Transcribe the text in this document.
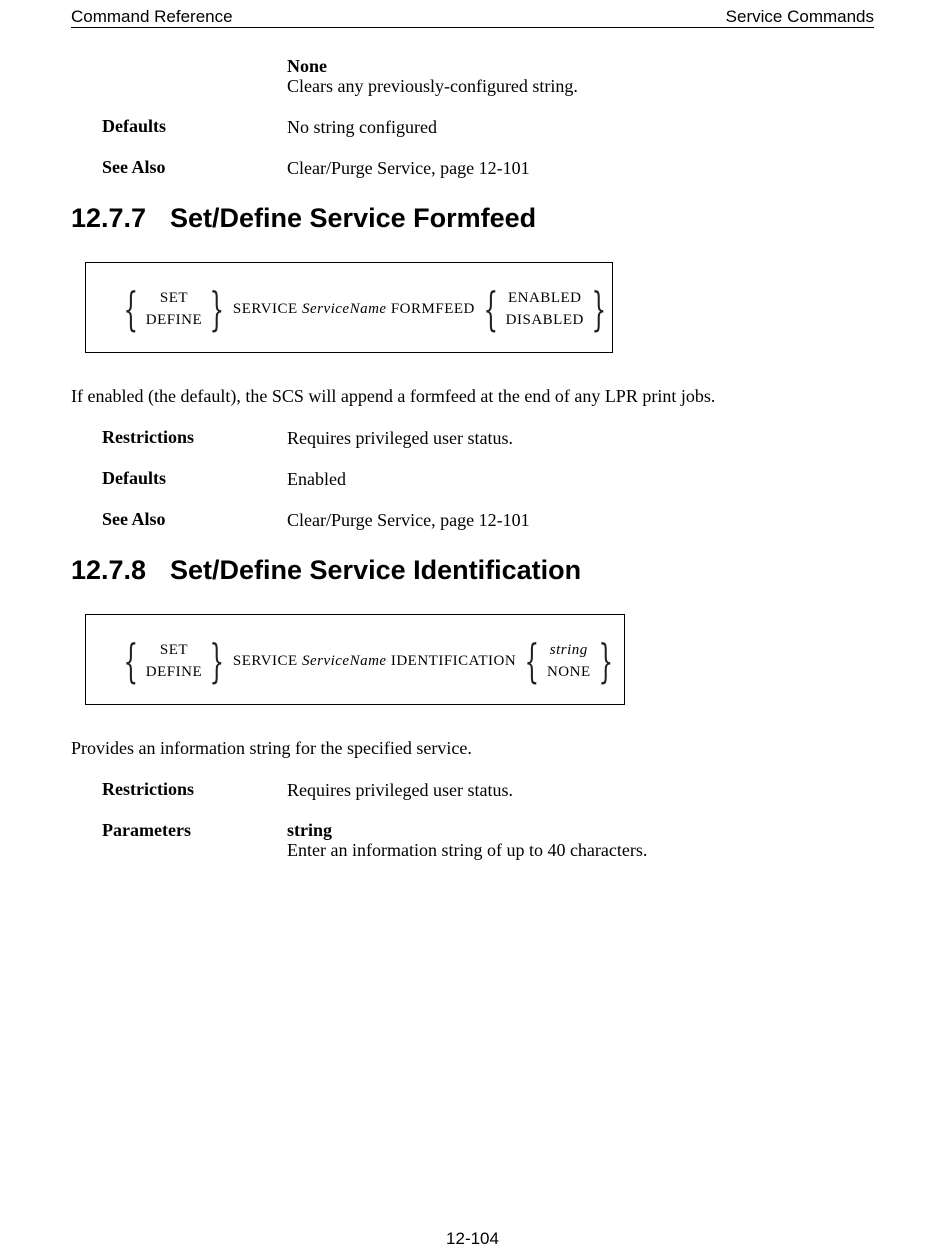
Command Reference	Service Commands
None
Clears any previously-configured string.
Defaults	No string configured
See Also	Clear/Purge Service, page 12-101
12.7.7 Set/Define Service Formfeed
{ SET
DEFINE } SERVICE ServiceName FORMFEED { ENABLED
DISABLED }
If enabled (the default), the SCS will append a formfeed at the end of any LPR print jobs.
Restrictions	Requires privileged user status.
Defaults	Enabled
See Also	Clear/Purge Service, page 12-101
12.7.8 Set/Define Service Identification
{ SET
DEFINE } SERVICE ServiceName IDENTIFICATION { string
NONE }
Provides an information string for the specified service.
Restrictions	Requires privileged user status.
Parameters	string
Enter an information string of up to 40 characters.
12-104
